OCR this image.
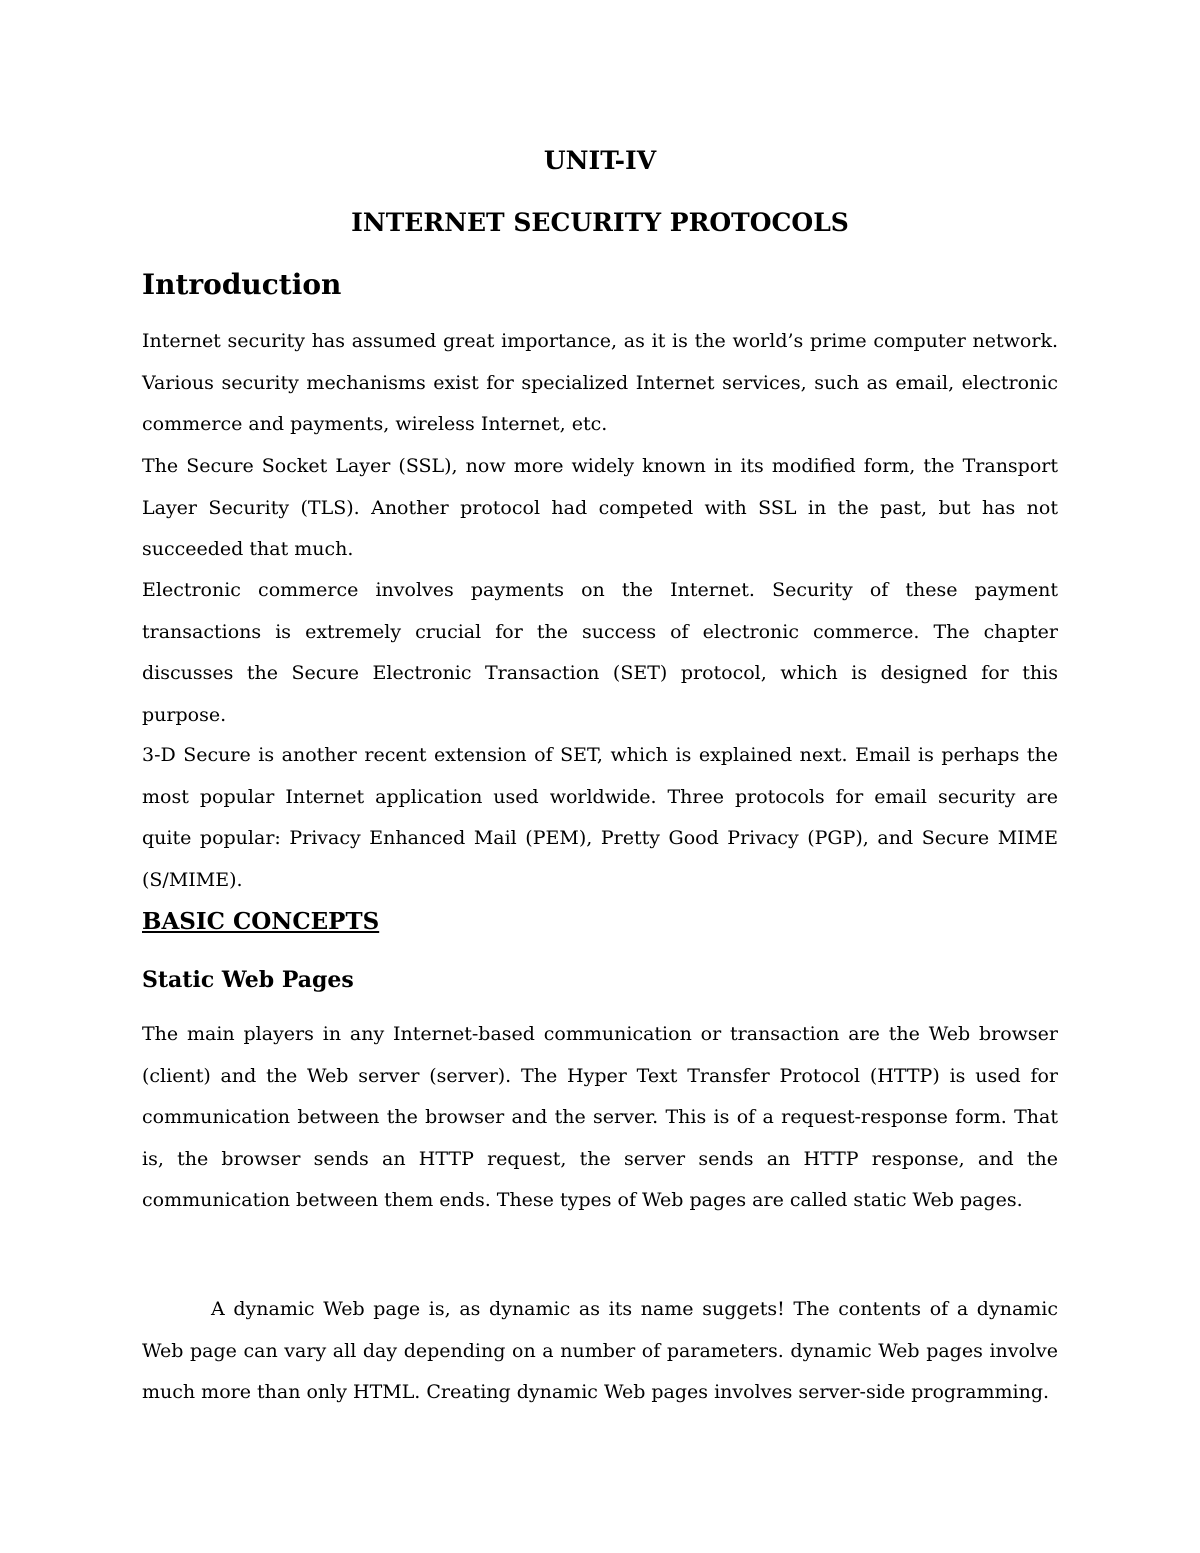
UNIT-IV
INTERNET SECURITY PROTOCOLS
Introduction

Internet security has assumed great importance, as it is the world’s prime computer network. Various security mechanisms exist for specialized Internet services, such as email, electronic commerce and payments, wireless Internet, etc.

The Secure Socket Layer (SSL), now more widely known in its modified form, the Transport Layer Security (TLS). Another protocol had competed with SSL in the past, but has not succeeded that much.

Electronic commerce involves payments on the Internet. Security of these payment transactions is extremely crucial for the success of electronic commerce. The chapter discusses the Secure Electronic Transaction (SET) protocol, which is designed for this purpose.

3-D Secure is another recent extension of SET, which is explained next. Email is perhaps the most popular Internet application used worldwide. Three protocols for email security are quite popular: Privacy Enhanced Mail (PEM), Pretty Good Privacy (PGP), and Secure MIME (S/MIME).

BASIC CONCEPTS
Static Web Pages

The main players in any Internet-based communication or transaction are the Web browser (client) and the Web server (server). The Hyper Text Transfer Protocol (HTTP) is used for communication between the browser and the server. This is of a request-response form. That is, the browser sends an HTTP request, the server sends an HTTP response, and the communication between them ends. These types of Web pages are called static Web pages.

A dynamic Web page is, as dynamic as its name suggets! The contents of a dynamic Web page can vary all day depending on a number of parameters. dynamic Web pages involve much more than only HTML. Creating dynamic Web pages involves server-side programming.
